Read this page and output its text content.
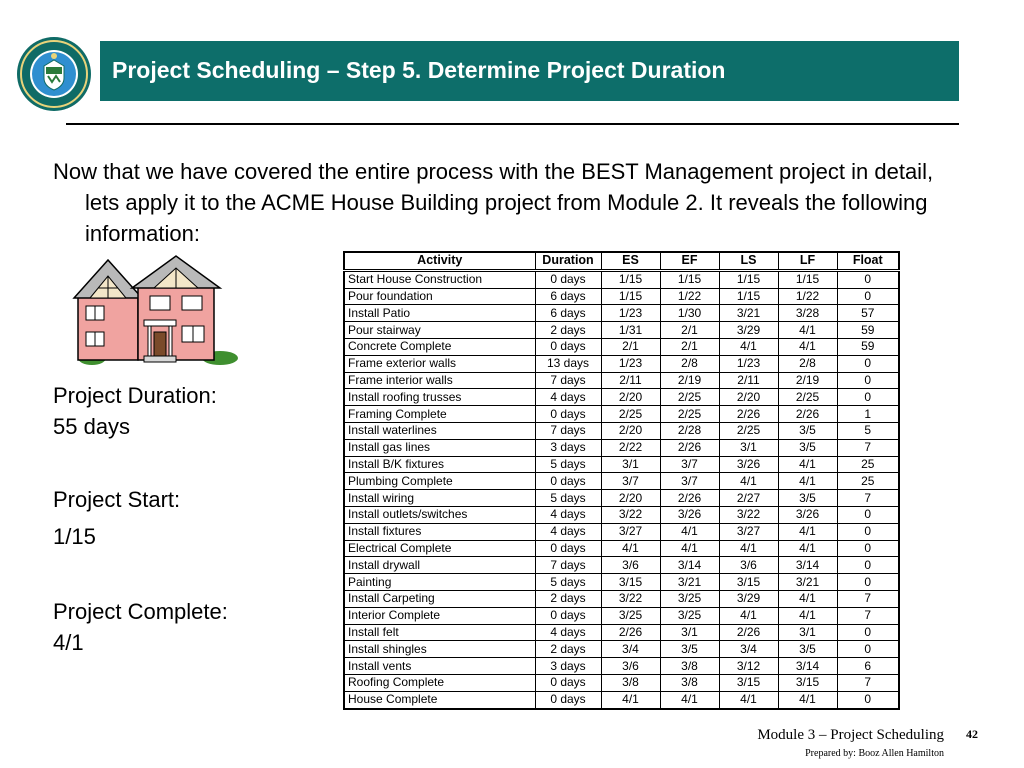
Project Scheduling – Step 5. Determine Project Duration
Now that we have covered the entire process with the BEST Management project in detail, lets apply it to the ACME House Building project from Module 2. It reveals the following information:
Project Duration:
55 days
Project Start:
1/15
Project Complete:
4/1
Activity	Duration	ES	EF	LS	LF	Float
Start House Construction	0 days	1/15	1/15	1/15	1/15	0
Pour foundation	6 days	1/15	1/22	1/15	1/22	0
Install Patio	6 days	1/23	1/30	3/21	3/28	57
Pour stairway	2 days	1/31	2/1	3/29	4/1	59
Concrete Complete	0 days	2/1	2/1	4/1	4/1	59
Frame exterior walls	13 days	1/23	2/8	1/23	2/8	0
Frame interior walls	7 days	2/11	2/19	2/11	2/19	0
Install roofing trusses	4 days	2/20	2/25	2/20	2/25	0
Framing Complete	0 days	2/25	2/25	2/26	2/26	1
Install waterlines	7 days	2/20	2/28	2/25	3/5	5
Install gas lines	3 days	2/22	2/26	3/1	3/5	7
Install B/K fixtures	5 days	3/1	3/7	3/26	4/1	25
Plumbing Complete	0 days	3/7	3/7	4/1	4/1	25
Install wiring	5 days	2/20	2/26	2/27	3/5	7
Install outlets/switches	4 days	3/22	3/26	3/22	3/26	0
Install fixtures	4 days	3/27	4/1	3/27	4/1	0
Electrical Complete	0 days	4/1	4/1	4/1	4/1	0
Install drywall	7 days	3/6	3/14	3/6	3/14	0
Painting	5 days	3/15	3/21	3/15	3/21	0
Install Carpeting	2 days	3/22	3/25	3/29	4/1	7
Interior Complete	0 days	3/25	3/25	4/1	4/1	7
Install felt	4 days	2/26	3/1	2/26	3/1	0
Install shingles	2 days	3/4	3/5	3/4	3/5	0
Install vents	3 days	3/6	3/8	3/12	3/14	6
Roofing Complete	0 days	3/8	3/8	3/15	3/15	7
House Complete	0 days	4/1	4/1	4/1	4/1	0
Module 3 – Project Scheduling 42
Prepared by: Booz Allen Hamilton
